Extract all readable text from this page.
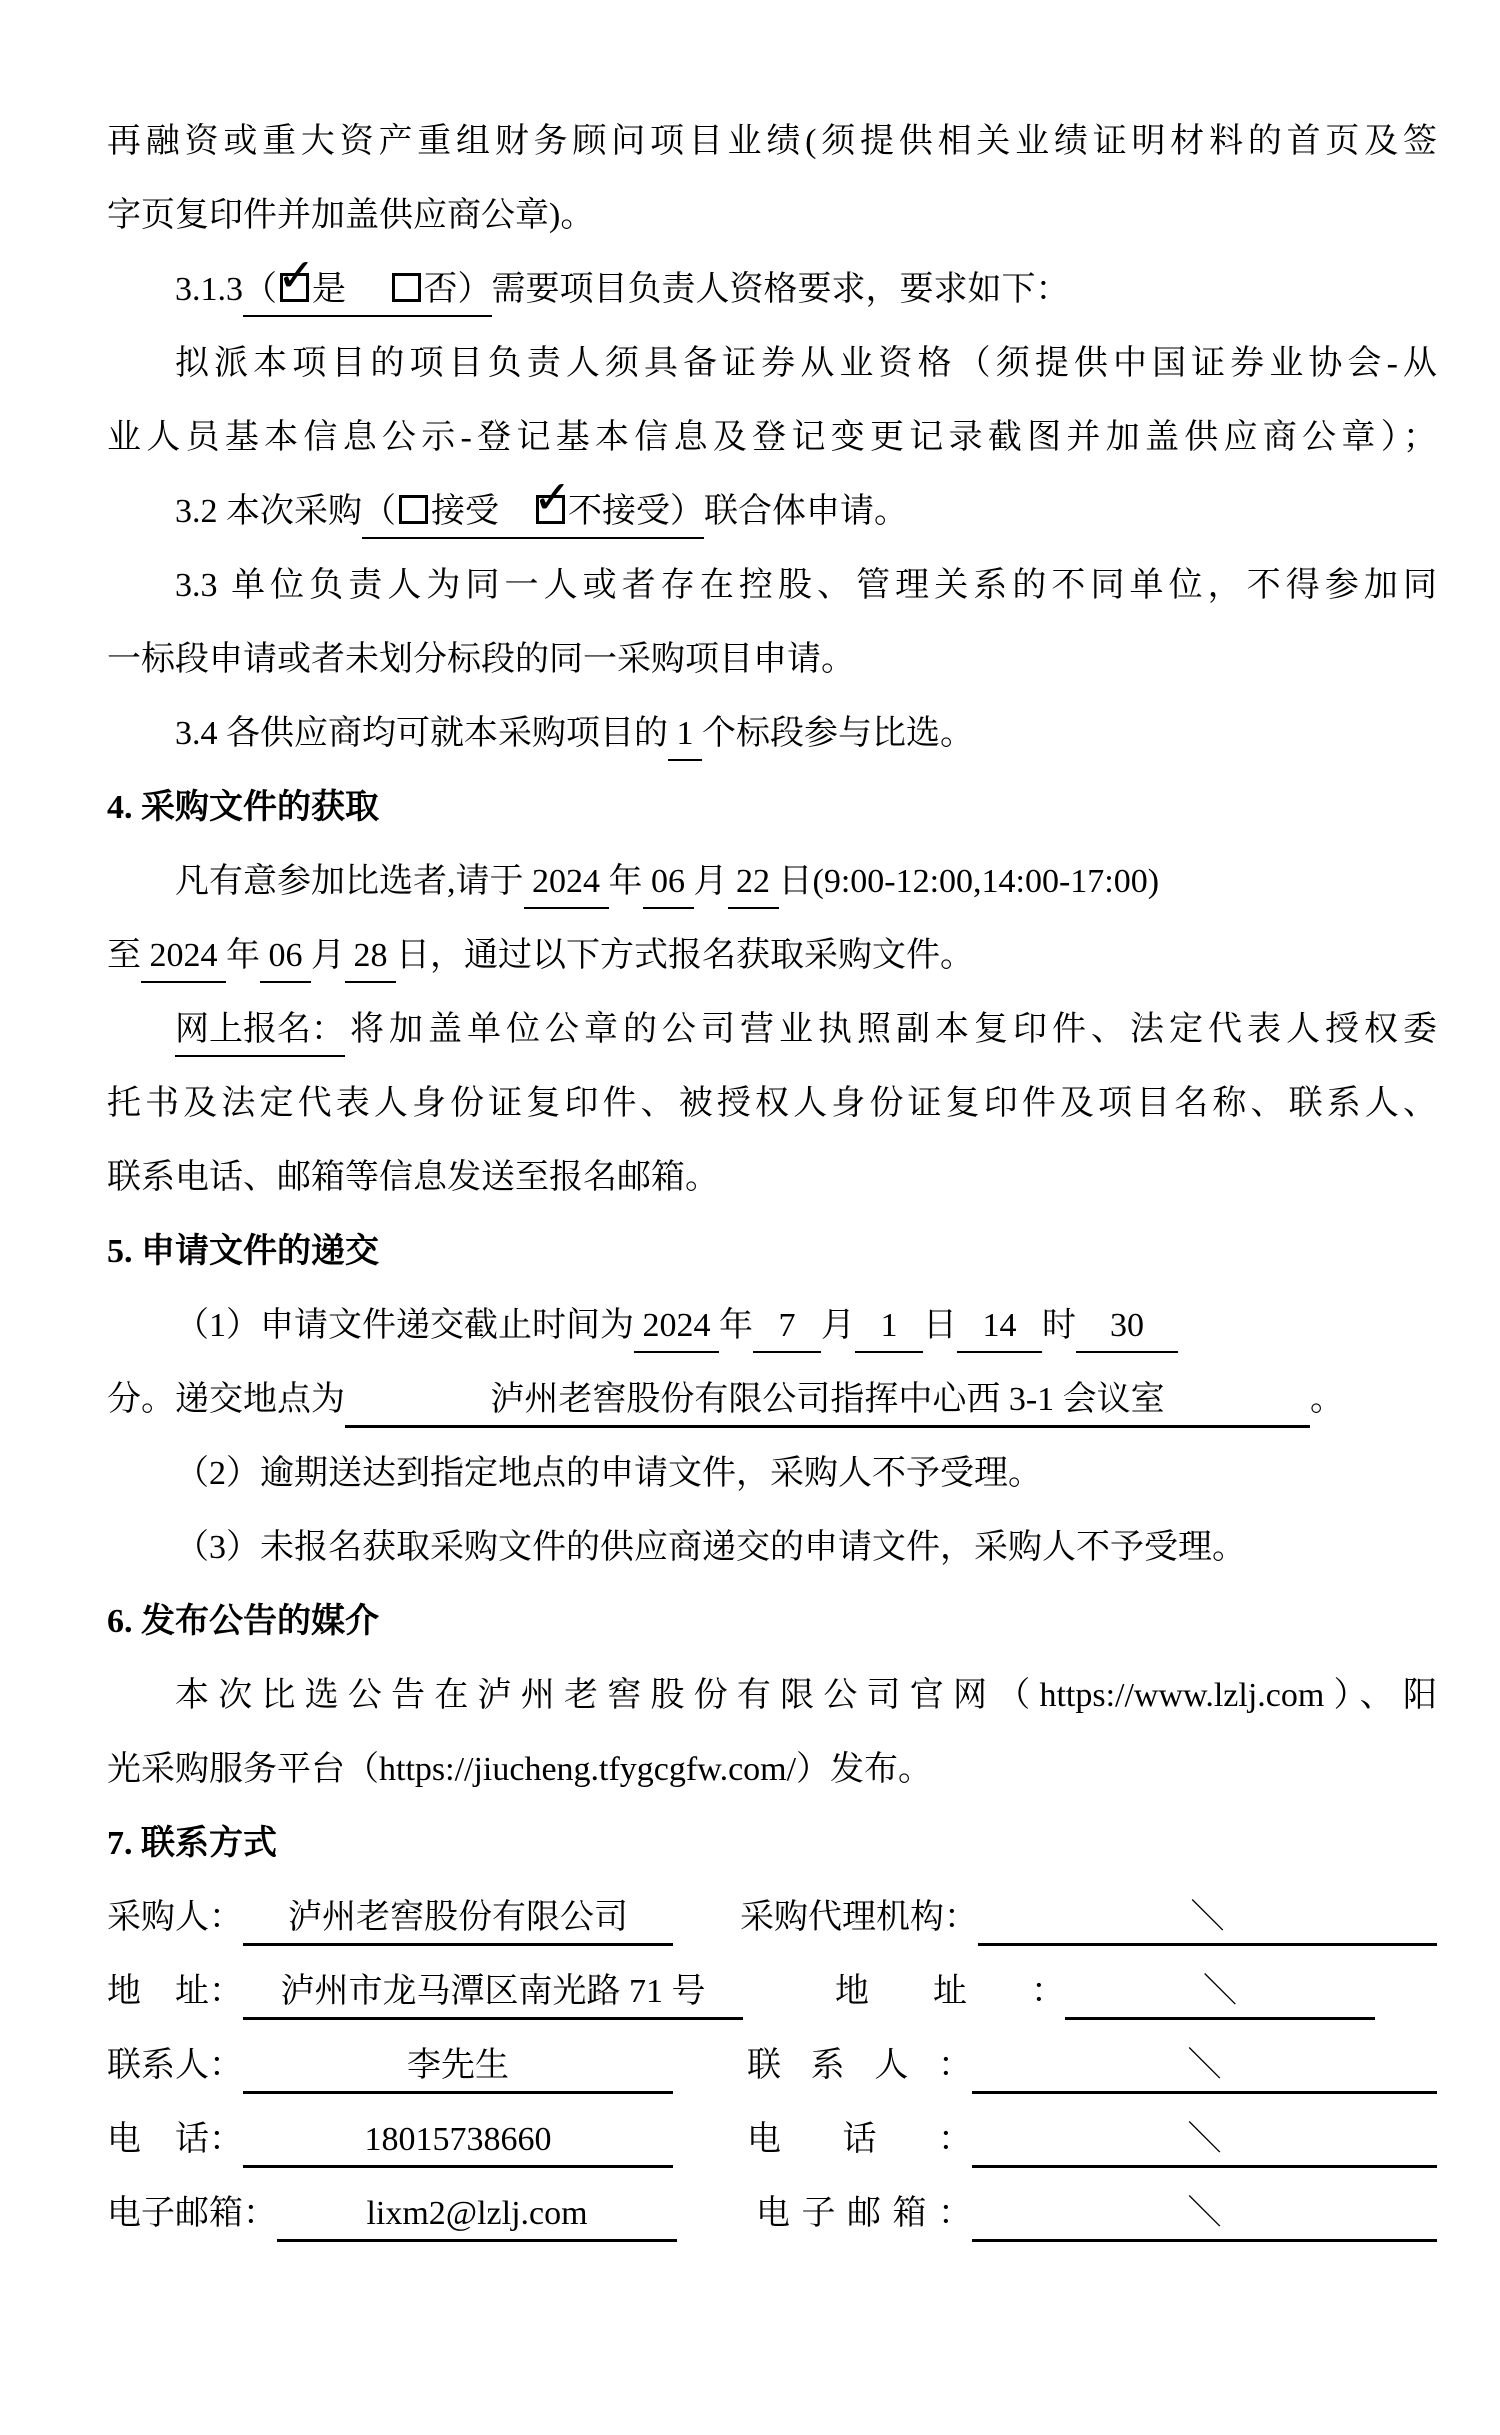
再融资或重大资产重组财务顾问项目业绩(须提供相关业绩证明材料的首页及签
字页复印件并加盖供应商公章)。
3.1.3（ ✓
是　 否）需要项目负责人资格要求，要求如下：
拟派本项目的项目负责人须具备证券从业资格（须提供中国证券业协会-从
业人员基本信息公示-登记基本信息及登记变更记录截图并加盖供应商公章）；
3.2 本次采购（ 接受　 ✓
不接受）联合体申请。
3.3 单位负责人为同一人或者存在控股、管理关系的不同单位，不得参加同
一标段申请或者未划分标段的同一采购项目申请。
3.4 各供应商均可就本采购项目的 1 个标段参与比选。
4. 采购文件的获取
凡有意参加比选者,请于 2024 年 06 月 22 日(9:00-12:00,14:00-17:00)
至 2024 年 06 月 28 日，通过以下方式报名获取采购文件。
网上报名：将加盖单位公章的公司营业执照副本复印件、法定代表人授权委
托书及法定代表人身份证复印件、被授权人身份证复印件及项目名称、联系人、
联系电话、邮箱等信息发送至报名邮箱。
5. 申请文件的递交
（1）申请文件递交截止时间为 2024 年   7   月   1   日   14   时    30
分。递交地点为	泸州老窖股份有限公司指挥中心西 3-1 会议室	。
（2）逾期送达到指定地点的申请文件，采购人不予受理。
（3）未报名获取采购文件的供应商递交的申请文件，采购人不予受理。
6. 发布公告的媒介
本次比选公告在泸州老窖股份有限公司官网（https://www.lzlj.com）、阳
光采购服务平台（https://jiucheng.tfygcgfw.com/）发布。
7. 联系方式
采购人：	泸州老窖股份有限公司	采购代理机构：	＼
地　址：	泸州市龙马潭区南光路 71 号	地址：	＼
联系人：	李先生	联系人：	＼
电　话：	18015738660	电话：	＼
电子邮箱：	lixm2@lzlj.com	电子邮箱：	＼
